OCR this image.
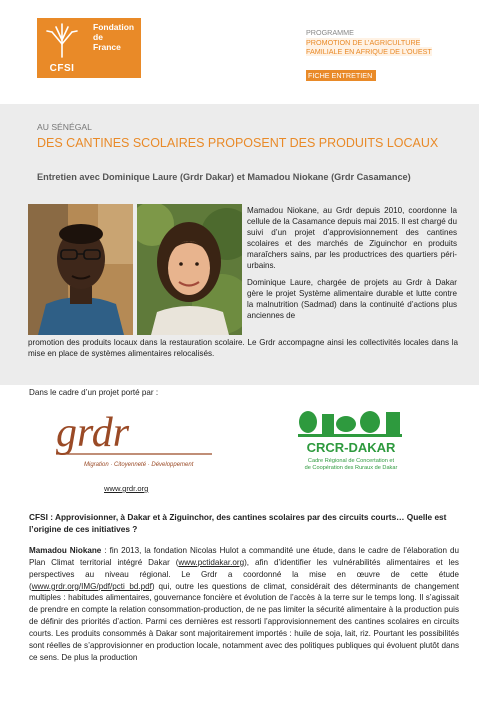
CFSI
Fondation
de
France
PROGRAMME
PROMOTION DE L’AGRICULTURE FAMILIALE EN AFRIQUE DE L’OUEST
FICHE ENTRETIEN
AU SÉNÉGAL
DES CANTINES SCOLAIRES PROPOSENT DES PRODUITS LOCAUX
Entretien avec Dominique Laure (Grdr Dakar) et Mamadou Niokane (Grdr Casamance)

Mamadou Niokane, au Grdr depuis 2010, coordonne la cellule de la Casamance depuis mai 2015. Il est chargé du suivi d’un projet d’approvisionnement des cantines scolaires et des marchés de Ziguinchor en produits maraîchers sains, par les productrices des quartiers péri-urbains.

Dominique Laure, chargée de projets au Grdr à Dakar gère le projet Système alimentaire durable et lutte contre la malnutrition (Sadmad) dans la continuité d’actions plus anciennes de

promotion des produits locaux dans la restauration scolaire. Le Grdr accompagne ainsi les collectivités locales dans la mise en place de systèmes alimentaires relocalisés.
Dans le cadre d’un projet porté par :
grdr
Migration · Citoyenneté · Développement
www.grdr.org
CRCR-DAKAR
Cadre Régional de Concertation et
de Coopération des Ruraux de Dakar
CFSI : Approvisionner, à Dakar et à Ziguinchor, des cantines scolaires par des circuits courts… Quelle est l’origine de ces initiatives ?
Mamadou Niokane : fin 2013, la fondation Nicolas Hulot a commandité une étude, dans le cadre de l’élaboration du Plan Climat territorial intégré Dakar (www.pctidakar.org), afin d’identifier les vulnérabilités alimentaires et les perspectives au niveau régional. Le Grdr a coordonné la mise en œuvre de cette étude (www.grdr.org/IMG/pdf/pcti_bd.pdf) qui, outre les questions de climat, considérait des déterminants de changement multiples : habitudes alimentaires, gouvernance foncière et évolution de l’accès à la terre sur le temps long. Il s’agissait de prendre en compte la relation consommation-production, de ne pas limiter la sécurité alimentaire à la production puis de définir des priorités d’action. Parmi ces dernières est ressorti l’approvisionnement des cantines scolaires en circuits courts. Les produits consommés à Dakar sont majoritairement importés : huile de soja, lait, riz. Pourtant les possibilités sont réelles de s’approvisionner en production locale, notamment avec des politiques publiques qui évoluent plutôt dans ce sens. De plus la production
